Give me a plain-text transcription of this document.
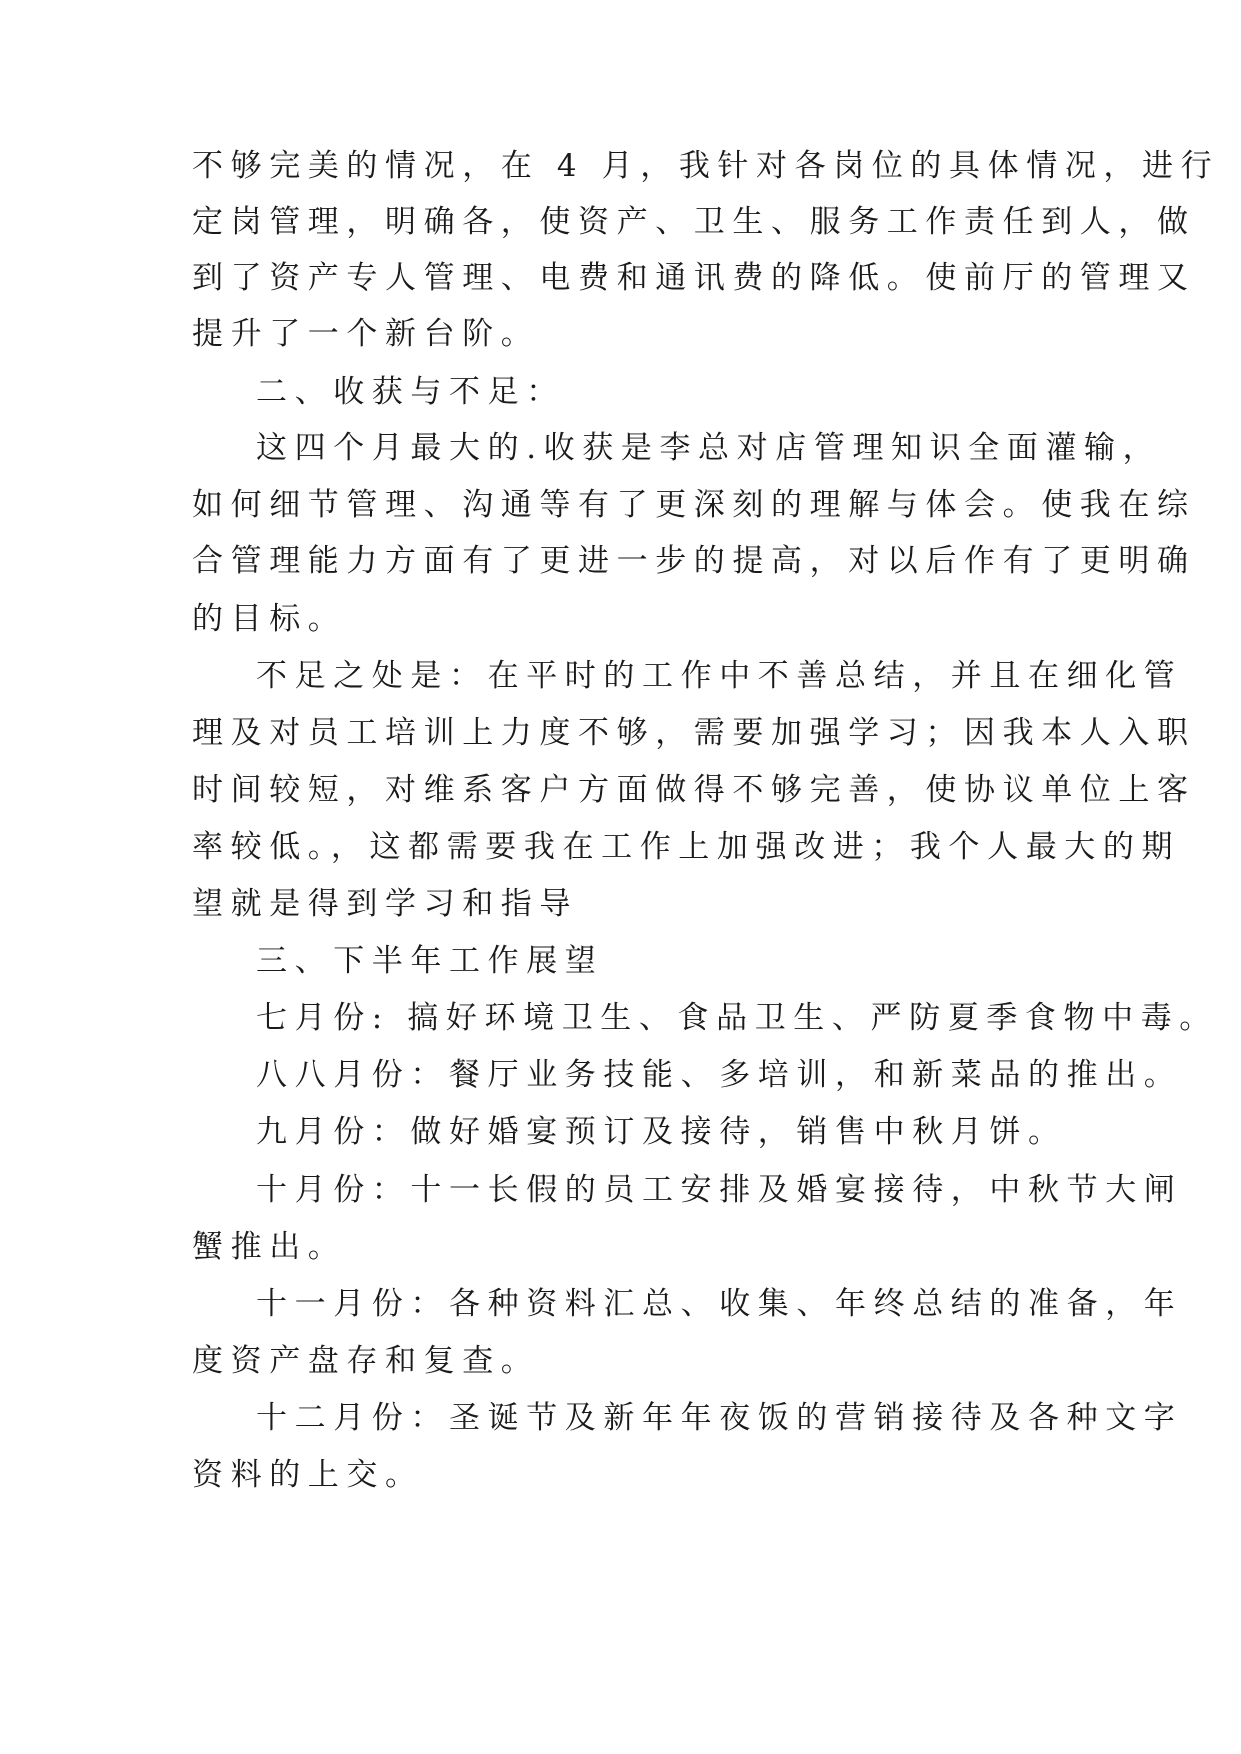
不够完美的情况，在 4 月，我针对各岗位的具体情况，进行
定岗管理，明确各，使资产、卫生、服务工作责任到人，做
到了资产专人管理、电费和通讯费的降低。使前厅的管理又
提升了一个新台阶。
二、收获与不足：
这四个月最大的.收获是李总对店管理知识全面灌输，
如何细节管理、沟通等有了更深刻的理解与体会。使我在综
合管理能力方面有了更进一步的提高，对以后作有了更明确
的目标。
不足之处是：在平时的工作中不善总结，并且在细化管
理及对员工培训上力度不够，需要加强学习；因我本人入职
时间较短，对维系客户方面做得不够完善，使协议单位上客
率较低。，这都需要我在工作上加强改进；我个人最大的期
望就是得到学习和指导
三、下半年工作展望
七月份: 搞好环境卫生、食品卫生、严防夏季食物中毒。
八八月份：餐厅业务技能、多培训，和新菜品的推出。
九月份：做好婚宴预订及接待，销售中秋月饼。
十月份：十一长假的员工安排及婚宴接待，中秋节大闸
蟹推出。
十一月份：各种资料汇总、收集、年终总结的准备，年
度资产盘存和复查。
十二月份：圣诞节及新年年夜饭的营销接待及各种文字
资料的上交。
